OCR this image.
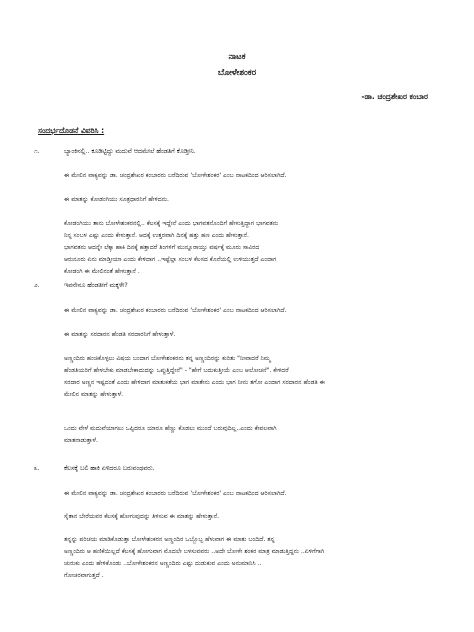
ನಾಟಕ
ಬೋಳೇಶಂಕರ
-ಡಾ. ಚಂದ್ರಶೇಖರ ಕಂಬಾರ
ಸಂದರ್ಭದೊಡನೆ ವಿವರಿಸಿ :
೧.	ಬ್ಯಾಂಕಿನಲ್ಲಿ.. ಕೂಡಿಟ್ಟಿದ್ದು ಮದುವೆ ಆದಮೇಲೆ ಹೆಂಡತಿಗೆ ಕೊಡ್ತೀನಿ.
ಈ ಮೇಲಿನ ವಾಕ್ಯವನ್ನು ಡಾ. ಚಂದ್ರಶೇಖರ ಕಂಬಾರರು ಬರೆದಿರುವ 'ಬೋಳೇಶಂಕರ' ಎಂಬ ನಾಟಕದಿಂದ ಆರಿಸಲಾಗಿದೆ.
ಈ ಮಾತನ್ನು ಕೋಡಂಗಿಯು ಸೂತ್ರಧಾರನಿಗೆ ಹೇಳಿದನು.
ಕೋಡಂಗಿಯು ತಾನು ಬೋಳೇಶಂಕರನಲ್ಲಿ.. ಕೆಲಸಕ್ಕೆ ಇದ್ದೇನೆ ಎಂದು ಭಾಗವತನೊಂದಿಗೆ ಹೇಳುತ್ತಿದ್ದಾಗ ಭಾಗವತನು
ನಿನ್ನ ಸಂಬಳ ಎಷ್ಟು ಎಂದು ಕೇಳುತ್ತಾನೆ. ಆದಕ್ಕೆ ಉತ್ತರವಾಗಿ ದಿನಕ್ಕೆ ಹತ್ತು ಹಣ ಎಂದು ಹೇಳುತ್ತಾನೆ.
ಭಾಗವತನು ಆದನ್ನೇ ಲೆಕ್ಕಾ ಹಾಕಿ ದಿನಕ್ಕೆ ಹತ್ತಾದರೆ ತಿಂಗಳಿಗೆ ಮುನ್ನೂರಾಯ್ತು ವರ್ಷಕ್ಕೆ ಮೂರು ಸಾವಿರದ
ಆರುನೂರು ಏನು ಮಾಡ್ತೀಯಾ ಎಂದು ಕೇಳಿದಾಗ ..ಇಷ್ಟೆಲ್ಲಾ ಸಂಬಳ ಕೆಲಸದ ಕೊನೆಯಲ್ಲಿ ಉಳಿಯುತ್ತದೆ ಎಂದಾಗ
ಕೋಡಂಗಿ ಈ ಮೇಲಿನಂತೆ ಹೇಳುತ್ತಾನೆ .
೨.	ಇವನೇನೂ ಹೆಂಡತೀಗೆ ಮಕ್ಕಳೇ?
ಈ ಮೇಲಿನ ವಾಕ್ಯವನ್ನು ಡಾ. ಚಂದ್ರಶೇಖರ ಕಂಬಾರರು ಬರೆದಿರುವ 'ಬೋಳೇಶಂಕರ' ಎಂಬ ನಾಟಕದಿಂದ ಆರಿಸಲಾಗಿದೆ.
ಈ ಮಾತನ್ನು ಸರದಾರನ ಹೆಂಡತಿ ಸರದಾರನಿಗೆ ಹೇಳುತ್ತಾಳೆ.
ಅಣ್ಣಂದಿರು ಹಂಚಿಕೊಳ್ಳಲು ವಿಷಯ ಬಂದಾಗ ಬೋಳೇಶಂಕರನು ತನ್ನ ಅಣ್ಣಂದಿರನ್ನು ಕುರಿತು "ನೀವಾದರೆ ನಿಮ್ಮ
ಹೆಂಡತಿಯರಿಗೆ ಹೇಳಬೇಕು ಮಾಡಬೇಕಾದುದನ್ನು ಒಪ್ಪುತ್ತಿದ್ದೇನೆ" - "ಹೇಗೆ ಬದುಕುತ್ತೀಯೆ ಎಂಬ ಆಲೋಚನೆ". ಕೇಳಿದರೆ
ಸರದಾರ ಅಣ್ಣನ ಇಷ್ಟದಂತೆ ಎಂದು ಹೇಳಿದಾಗ ಮಾತುಕತೆಯ ಭಾಗ ಮಾತೇನು ಎಂದು ಭಾಗ ನೀನು ತಗೋ ಎಂದಾಗ ಸರದಾರನ ಹೆಂಡತಿ ಈ
ಮೇಲಿನ ಮಾತನ್ನು ಹೇಳುತ್ತಾಳೆ.
ಒಂದು ವೇಳೆ ಮದುವೆಯಾಗಲು ಒಪ್ಪಿದರೂ ಯಾರೂ ಹೆಣ್ಣು ಕೊಡಲು ಮುಂದೆ ಬರುವುದಿಲ್ಲ..ಎಂದು ಕೇವಲವಾಗಿ
ಮಾತನಾಡುತ್ತಾಳೆ.
೩.	ಕೆಲಸಕ್ಕೆ ಬಲಿ ಹಾಕಿ ಏಳಿದರೂ ಬರುವಂಥವರು.
ಈ ಮೇಲಿನ ವಾಕ್ಯವನ್ನು ಡಾ. ಚಂದ್ರಶೇಖರ ಕಂಬಾರರು ಬರೆದಿರುವ 'ಬೋಳೇಶಂಕರ' ಎಂಬ ನಾಟಕದಿಂದ ಆರಿಸಲಾಗಿದೆ.
ಸೈತಾನ ಬೇರೆಯವರ ಕೆಲಸಕ್ಕೆ ಹೋಗುವುದನ್ನು ತಿಳಿಸುವ ಈ ಮಾತನ್ನು ಹೇಳುತ್ತಾನೆ.
ತನ್ನನ್ನು ಪರಿಚಯ ಮಾಡಿಕೊಡುತ್ತಾ ಬೋಳೇಶಂಕರನ ಅಣ್ಣಂದಿರ ಒಬ್ಬೊಬ್ಬ ಹೆಳುವಾಗ ಈ ಮಾತು ಬಂದಿದೆ. ತನ್ನ
ಅಣ್ಣಂದಿರು ಆ ಹಣಿಕೆಯಿಲ್ಲದೆ ಕೆಲಸಕ್ಕೆ ಹೋಗುವಾಗ ಮೊದಲೇ ಬಳಸುವವರು ..ಅದೇ ಬೋಳೇ ಶಂಕರ ಮಾತ್ರ ಮಾಡುತ್ತಿದ್ದನು ..ಏಳಿಗೆಗಾಗಿ
ಚುರುಕು ಎಂದು ಹೇಳಿಕೊಂಡು ..ಬೋಳೇಶಂಕರನ ಅಣ್ಣಂದಿರು ಎಷ್ಟು ದುಡುಕುವ ಎಂದು ಅನುಮಾನಿಸಿ ..
ಗೋಚರವಾಗುತ್ತದೆ .
